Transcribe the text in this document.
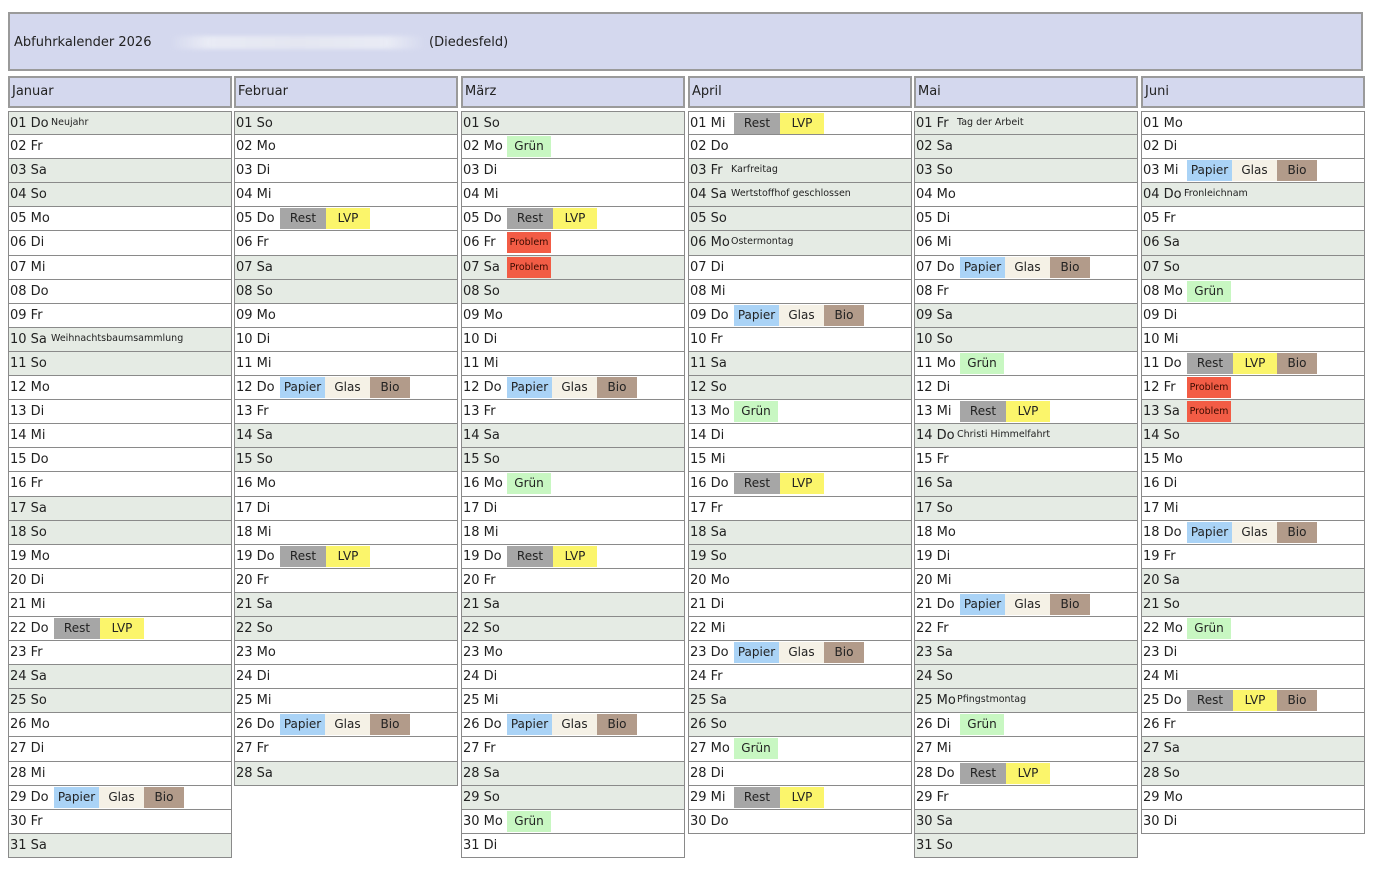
Abfuhrkalender 2026	(Diedesfeld)
Januar
01 Do Neujahr
02 Fr
03 Sa
04 So
05 Mo
06 Di
07 Mi
08 Do
09 Fr
10 Sa Weihnachtsbaumsammlung
11 So
12 Mo
13 Di
14 Mi
15 Do
16 Fr
17 Sa
18 So
19 Mo
20 Di
21 Mi
22 Do	Rest	LVP
23 Fr
24 Sa
25 So
26 Mo
27 Di
28 Mi
29 Do Papier	Glas	Bio
30 Fr
31 Sa
Februar
01 So
02 Mo
03 Di
04 Mi
05 Do	Rest	LVP
06 Fr
07 Sa
08 So
09 Mo
10 Di
11 Mi
12 Do Papier	Glas	Bio
13 Fr
14 Sa
15 So
16 Mo
17 Di
18 Mi
19 Do	Rest	LVP
20 Fr
21 Sa
22 So
23 Mo
24 Di
25 Mi
26 Do Papier	Glas	Bio
27 Fr
28 Sa
März
01 So
02 Mo Grün
03 Di
04 Mi
05 Do	Rest	LVP
06 Fr Problem
07 Sa Problem
08 So
09 Mo
10 Di
11 Mi
12 Do Papier	Glas	Bio
13 Fr
14 Sa
15 So
16 Mo Grün
17 Di
18 Mi
19 Do	Rest	LVP
20 Fr
21 Sa
22 So
23 Mo
24 Di
25 Mi
26 Do Papier	Glas	Bio
27 Fr
28 Sa
29 So
30 Mo Grün
31 Di
April
01 Mi	Rest	LVP
02 Do
03 Fr Karfreitag
04 Sa Wertstoffhof geschlossen
05 So
06 Mo Ostermontag
07 Di
08 Mi
09 Do Papier	Glas	Bio
10 Fr
11 Sa
12 So
13 Mo Grün
14 Di
15 Mi
16 Do	Rest	LVP
17 Fr
18 Sa
19 So
20 Mo
21 Di
22 Mi
23 Do Papier	Glas	Bio
24 Fr
25 Sa
26 So
27 Mo Grün
28 Di
29 Mi	Rest	LVP
30 Do
Mai
01 Fr Tag der Arbeit
02 Sa
03 So
04 Mo
05 Di
06 Mi
07 Do Papier	Glas	Bio
08 Fr
09 Sa
10 So
11 Mo Grün
12 Di
13 Mi	Rest	LVP
14 Do Christi Himmelfahrt
15 Fr
16 Sa
17 So
18 Mo
19 Di
20 Mi
21 Do Papier	Glas	Bio
22 Fr
23 Sa
24 So
25 Mo Pfingstmontag
26 Di	Grün
27 Mi
28 Do	Rest	LVP
29 Fr
30 Sa
31 So
Juni
01 Mo
02 Di
03 Mi	Papier	Glas	Bio
04 Do Fronleichnam
05 Fr
06 Sa
07 So
08 Mo Grün
09 Di
10 Mi
11 Do	Rest	LVP	Bio
12 Fr Problem
13 Sa Problem
14 So
15 Mo
16 Di
17 Mi
18 Do Papier	Glas	Bio
19 Fr
20 Sa
21 So
22 Mo Grün
23 Di
24 Mi
25 Do	Rest	LVP	Bio
26 Fr
27 Sa
28 So
29 Mo
30 Di
